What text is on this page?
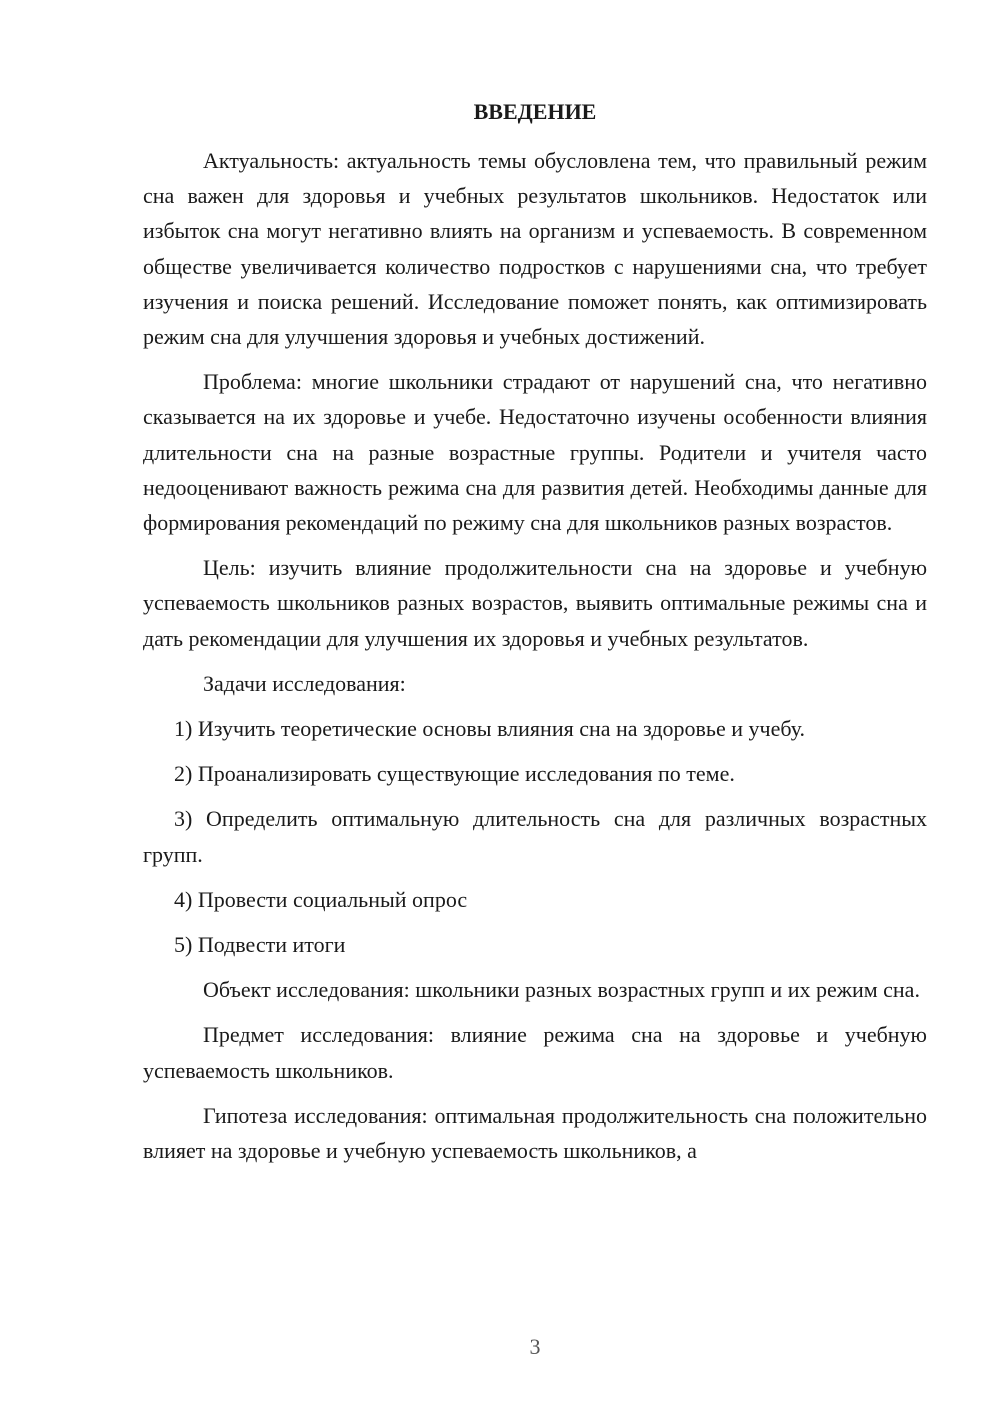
ВВЕДЕНИЕ

Актуальность: актуальность темы обусловлена тем, что правильный режим сна важен для здоровья и учебных результатов школьников. Недостаток или избыток сна могут негативно влиять на организм и успеваемость. В современном обществе увеличивается количество подростков с нарушениями сна, что требует изучения и поиска решений. Исследование поможет понять, как оптимизировать режим сна для улучшения здоровья и учебных достижений.

Проблема: многие школьники страдают от нарушений сна, что негативно сказывается на их здоровье и учебе. Недостаточно изучены особенности влияния длительности сна на разные возрастные группы. Родители и учителя часто недооценивают важность режима сна для развития детей. Необходимы данные для формирования рекомендаций по режиму сна для школьников разных возрастов.

Цель: изучить влияние продолжительности сна на здоровье и учебную успеваемость школьников разных возрастов, выявить оптимальные режимы сна и дать рекомендации для улучшения их здоровья и учебных результатов.

Задачи исследования:

1) Изучить теоретические основы влияния сна на здоровье и учебу.
2) Проанализировать существующие исследования по теме.
3) Определить оптимальную длительность сна для различных возрастных групп.
4) Провести социальный опрос
5) Подвести итоги

Объект исследования: школьники разных возрастных групп и их режим сна.

Предмет исследования: влияние режима сна на здоровье и учебную успеваемость школьников.

Гипотеза исследования: оптимальная продолжительность сна положительно влияет на здоровье и учебную успеваемость школьников, а

3
